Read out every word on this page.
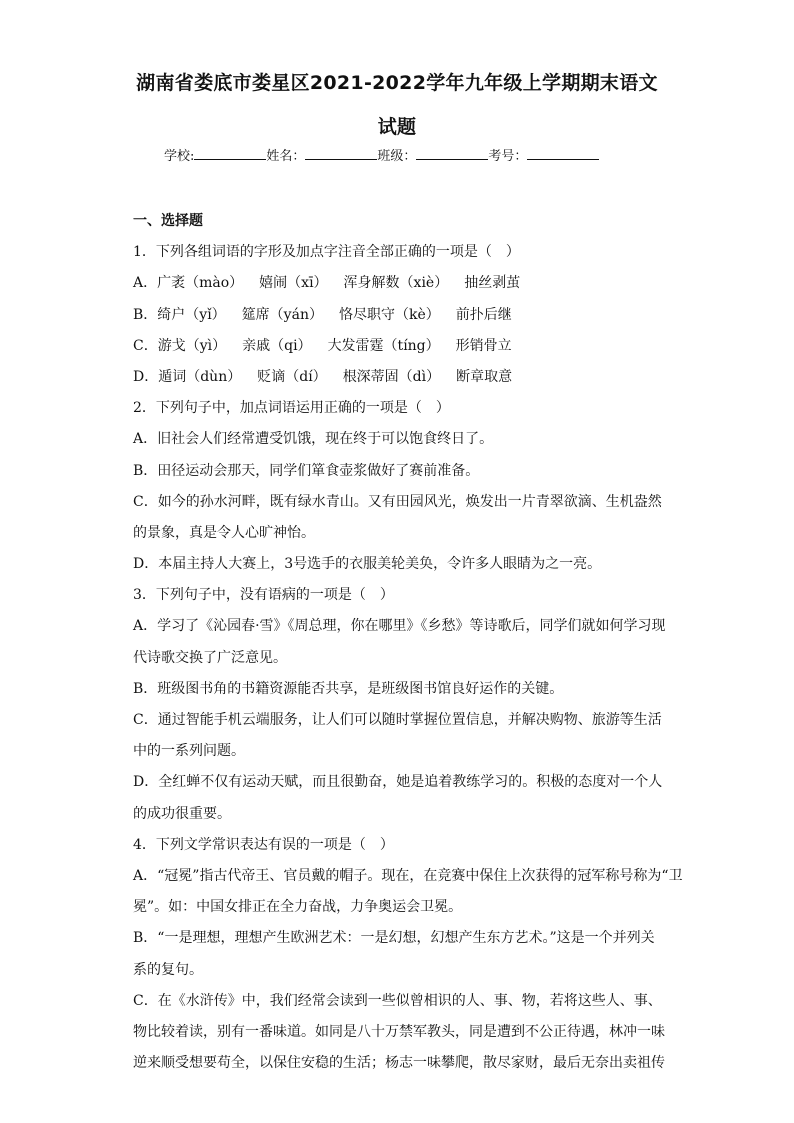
湖南省娄底市娄星区2021-2022学年九年级上学期期末语文
试题
学校:	姓名：	班级：	考号：

一、选择题

1．下列各组词语的字形及加点字注音全部正确的一项是（　）

A．广袤（mào） 嬉闹（xī） 浑身解数（xiè） 抽丝剥茧

B．绮户（yǐ） 筵席（yán） 恪尽职守（kè） 前扑后继

C．游戈（yì） 亲戚（qi） 大发雷霆（tíng） 形销骨立

D．遁词（dùn） 贬谪（dí） 根深蒂固（dì） 断章取意

2．下列句子中，加点词语运用正确的一项是（　）

A．旧社会人们经常遭受饥饿，现在终于可以饱食终日了。

B．田径运动会那天，同学们箪食壶浆做好了赛前准备。

C．如今的孙水河畔，既有绿水青山。又有田园风光，焕发出一片青翠欲滴、生机盎然

的景象，真是令人心旷神怡。

D．本届主持人大赛上，3号选手的衣服美轮美奂，令许多人眼睛为之一亮。

3．下列句子中，没有语病的一项是（　）

A．学习了《沁园春·雪》《周总理，你在哪里》《乡愁》等诗歌后，同学们就如何学习现

代诗歌交换了广泛意见。

B．班级图书角的书籍资源能否共享，是班级图书馆良好运作的关键。

C．通过智能手机云端服务，让人们可以随时掌握位置信息，并解决购物、旅游等生活

中的一系列问题。

D．全红蝉不仅有运动天赋，而且很勤奋，她是追着教练学习的。积极的态度对一个人

的成功很重要。

4．下列文学常识表达有误的一项是（　）

A．“冠冕”指古代帝王、官员戴的帽子。现在，在竞赛中保住上次获得的冠军称号称为“卫

冕”。如：中国女排正在全力奋战，力争奥运会卫冕。

B．“一是理想，理想产生欧洲艺术：一是幻想，幻想产生东方艺术。”这是一个并列关

系的复句。

C．在《水浒传》中，我们经常会读到一些似曾相识的人、事、物，若将这些人、事、

物比较着读，别有一番味道。如同是八十万禁军教头，同是遭到不公正待遇，林冲一味

逆来顺受想要苟全，以保住安稳的生活；杨志一味攀爬，散尽家财，最后无奈出卖祖传
